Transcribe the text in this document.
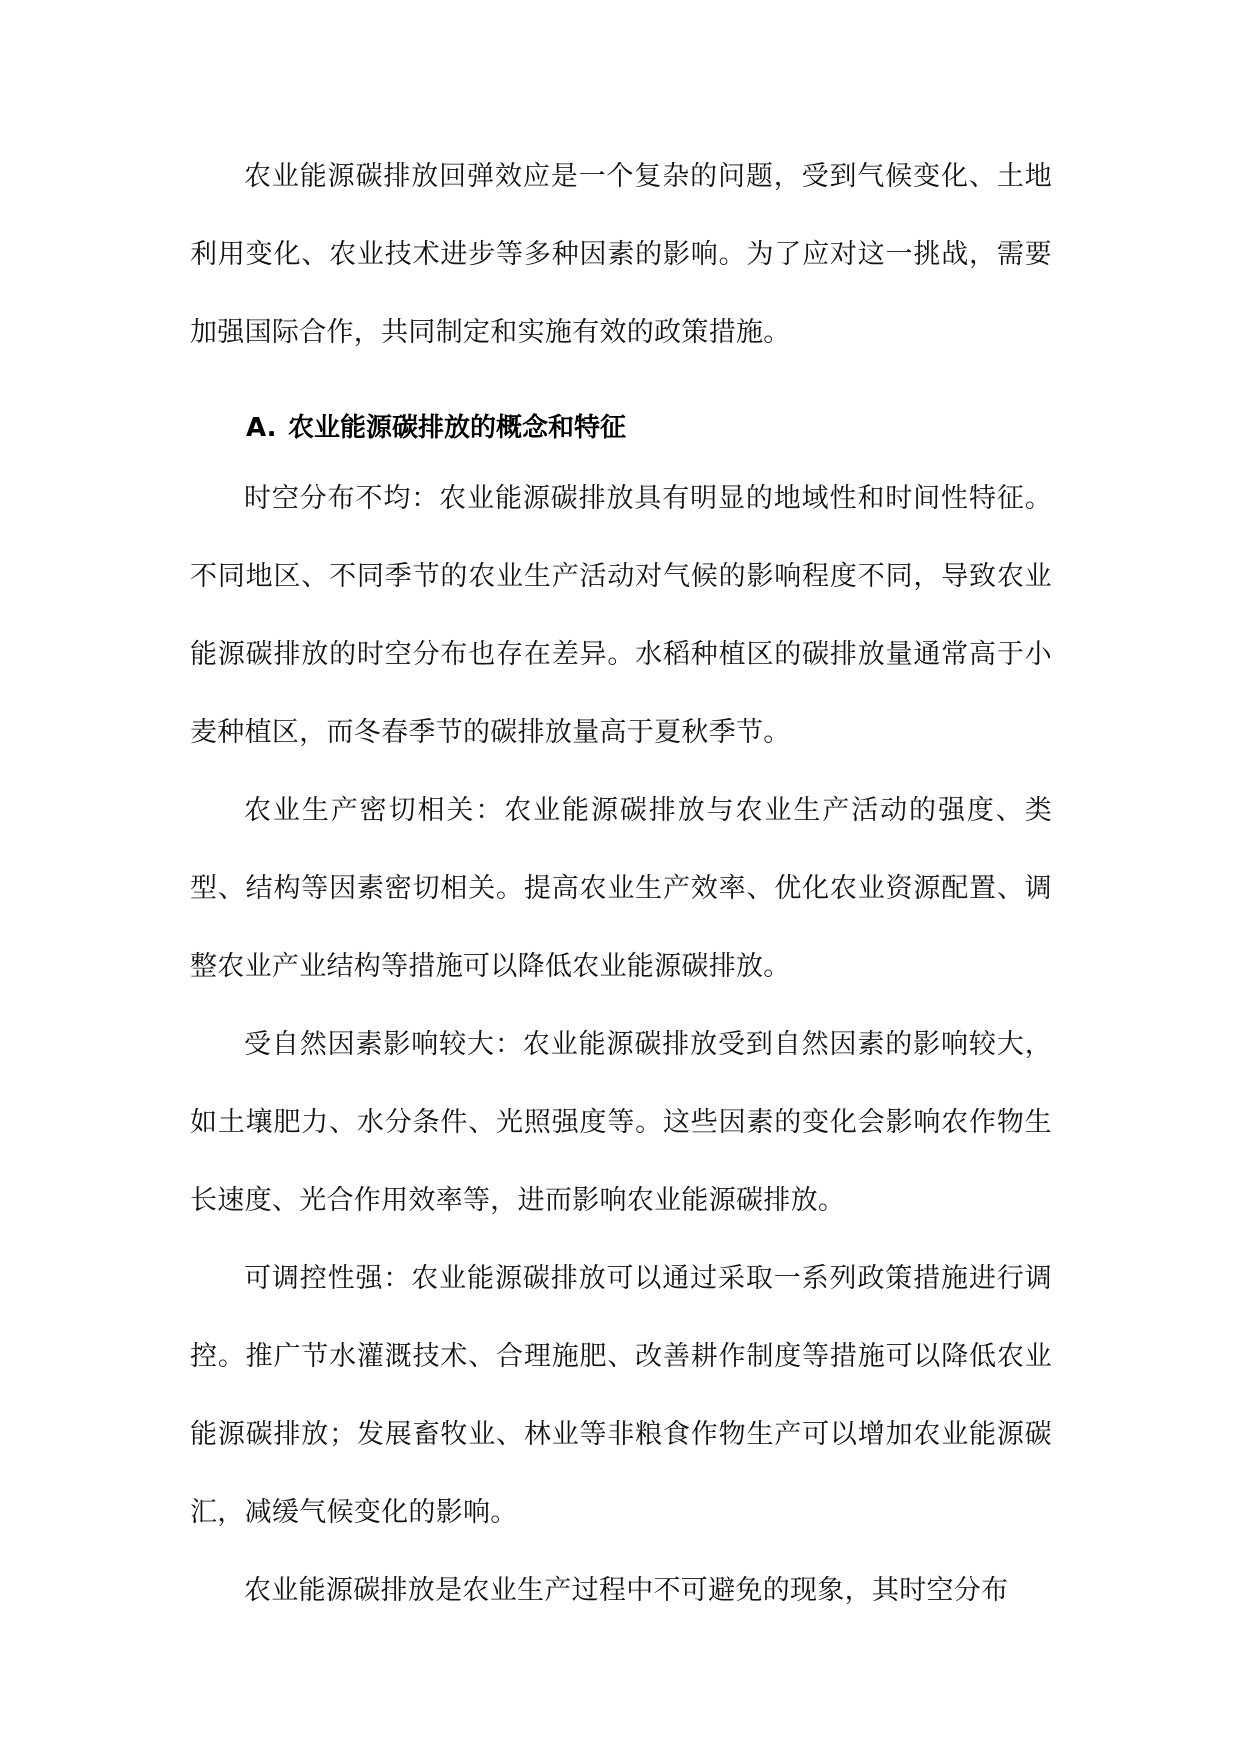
农业能源碳排放回弹效应是一个复杂的问题，受到气候变化、土地利用变化、农业技术进步等多种因素的影响。为了应对这一挑战，需要加强国际合作，共同制定和实施有效的政策措施。

A. 农业能源碳排放的概念和特征

时空分布不均：农业能源碳排放具有明显的地域性和时间性特征。不同地区、不同季节的农业生产活动对气候的影响程度不同，导致农业能源碳排放的时空分布也存在差异。水稻种植区的碳排放量通常高于小麦种植区，而冬春季节的碳排放量高于夏秋季节。

农业生产密切相关：农业能源碳排放与农业生产活动的强度、类型、结构等因素密切相关。提高农业生产效率、优化农业资源配置、调整农业产业结构等措施可以降低农业能源碳排放。

受自然因素影响较大：农业能源碳排放受到自然因素的影响较大，如土壤肥力、水分条件、光照强度等。这些因素的变化会影响农作物生长速度、光合作用效率等，进而影响农业能源碳排放。

可调控性强：农业能源碳排放可以通过采取一系列政策措施进行调控。推广节水灌溉技术、合理施肥、改善耕作制度等措施可以降低农业能源碳排放；发展畜牧业、林业等非粮食作物生产可以增加农业能源碳汇，减缓气候变化的影响。

农业能源碳排放是农业生产过程中不可避免的现象，其时空分布
